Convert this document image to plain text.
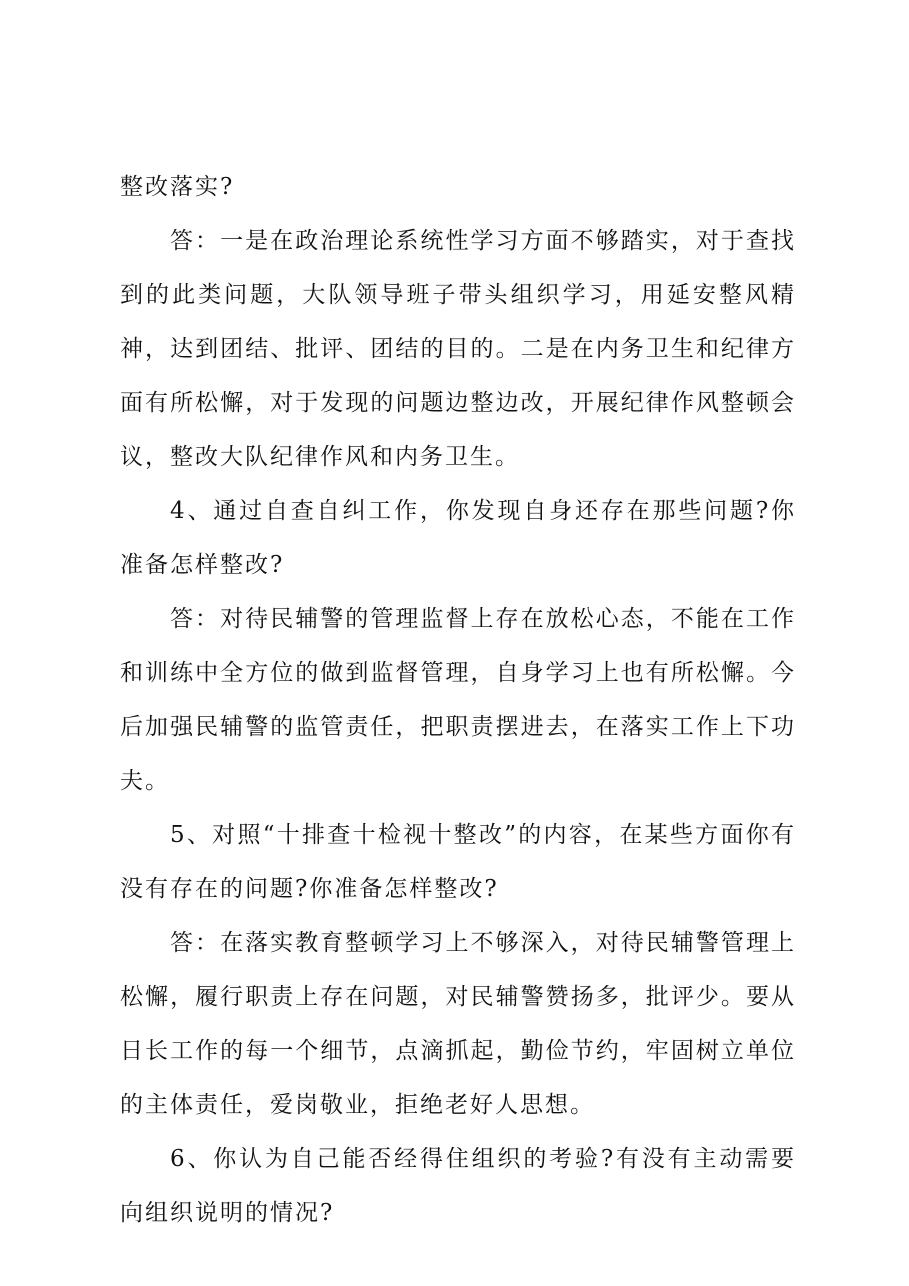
整改落实?

答：一是在政治理论系统性学习方面不够踏实，对于查找到的此类问题，大队领导班子带头组织学习，用延安整风精神，达到团结、批评、团结的目的。二是在内务卫生和纪律方面有所松懈，对于发现的问题边整边改，开展纪律作风整顿会议，整改大队纪律作风和内务卫生。

4、通过自查自纠工作，你发现自身还存在那些问题?你准备怎样整改?

答：对待民辅警的管理监督上存在放松心态，不能在工作和训练中全方位的做到监督管理，自身学习上也有所松懈。今后加强民辅警的监管责任，把职责摆进去，在落实工作上下功夫。

5、对照“十排查十检视十整改”的内容，在某些方面你有没有存在的问题?你准备怎样整改?

答：在落实教育整顿学习上不够深入，对待民辅警管理上松懈，履行职责上存在问题，对民辅警赞扬多，批评少。要从日长工作的每一个细节，点滴抓起，勤俭节约，牢固树立单位的主体责任，爱岗敬业，拒绝老好人思想。

6、你认为自己能否经得住组织的考验?有没有主动需要向组织说明的情况?
